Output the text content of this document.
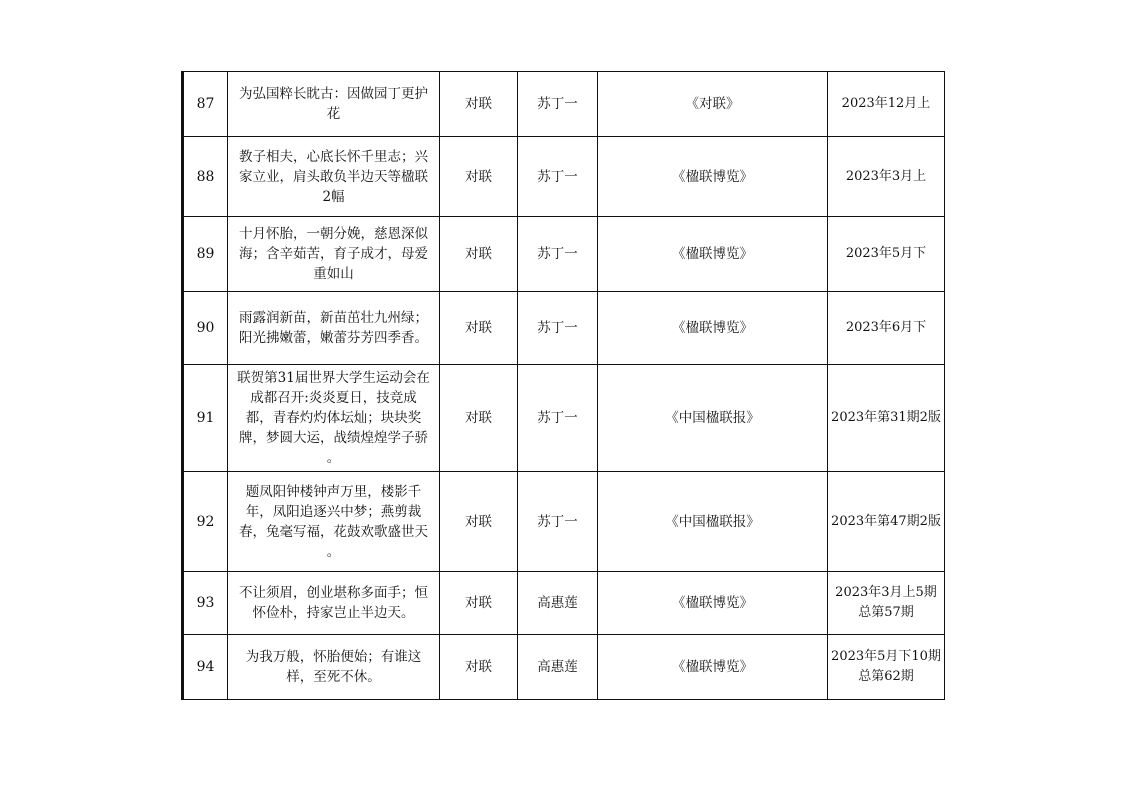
87	为弘国粹长眈古：因做园丁更护
花	对联	苏丁一	《对联》	2023年12月上

88	教子相夫，心底长怀千里志；兴
家立业，肩头敢负半边天等楹联
2幅	对联	苏丁一	《楹联博览》	2023年3月上

89	十月怀胎，一朝分娩，慈恩深似
海；含辛茹苦，育子成才，母爱
重如山	对联	苏丁一	《楹联博览》	2023年5月下

90	雨露润新苗，新苗茁壮九州绿；
阳光拂嫩蕾，嫩蕾芬芳四季香。	对联	苏丁一	《楹联博览》	2023年6月下

91	联贺第31届世界大学生运动会在
成都召开:炎炎夏日，技竞成
都，青春灼灼体坛灿；块块奖
牌，梦圆大运，战绩煌煌学子骄
。	对联	苏丁一	《中国楹联报》	2023年第31期2版

92	题凤阳钟楼钟声万里，楼影千
年，凤阳追逐兴中梦；燕剪裁
春，兔毫写福，花鼓欢歌盛世天
。	对联	苏丁一	《中国楹联报》	2023年第47期2版

93	不让须眉，创业堪称多面手；恒
怀俭朴，持家岂止半边天。	对联	高惠莲	《楹联博览》	2023年3月上5期
总第57期

94	为我万般，怀胎便始；有谁这
样，至死不休。	对联	高惠莲	《楹联博览》	2023年5月下10期
总第62期
